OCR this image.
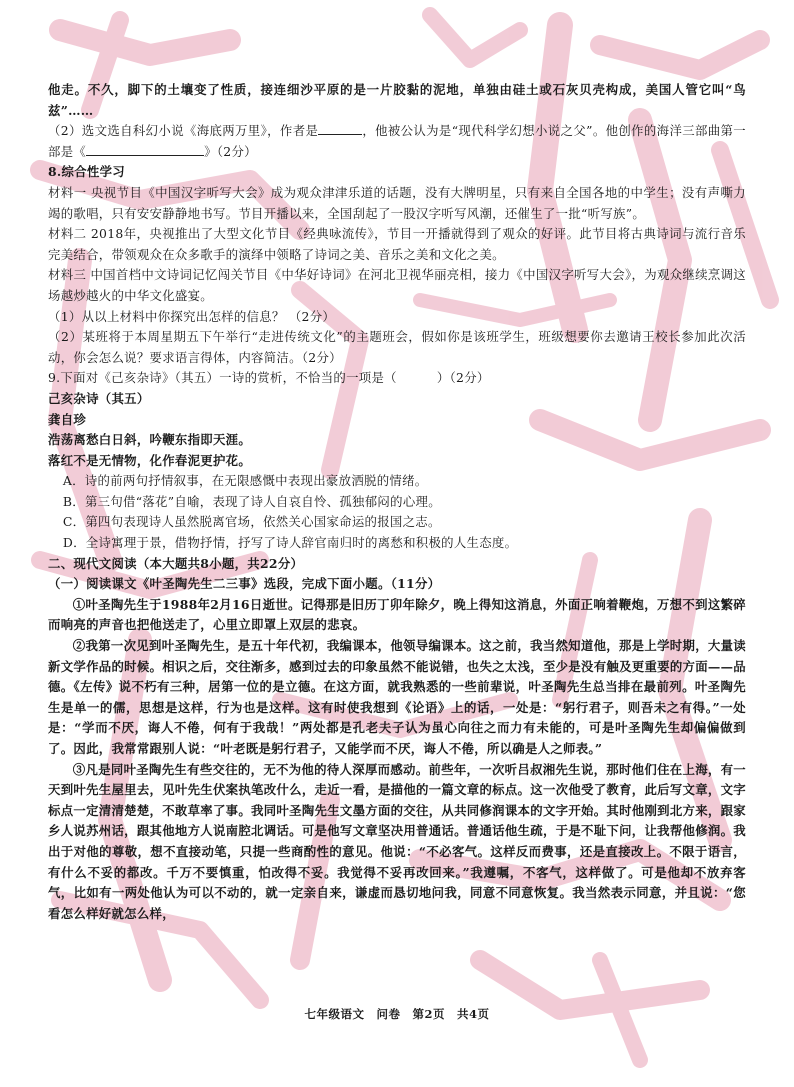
他走。不久，脚下的土壤变了性质，接连细沙平原的是一片胶黏的泥地，单独由硅土或石灰贝壳构成，美国人管它叫“鸟兹”……

（2）选文选自科幻小说《海底两万里》，作者是	，他被公认为是“现代科学幻想小说之父”。他创作的海洋三部曲第一部是《	》（2分）

8.综合性学习

材料一 央视节目《中国汉字听写大会》成为观众津津乐道的话题，没有大牌明星，只有来自全国各地的中学生；没有声嘶力竭的歌唱，只有安安静静地书写。节目开播以来，全国刮起了一股汉字听写风潮，还催生了一批“听写族”。

材料二 2018年，央视推出了大型文化节目《经典咏流传》，节目一开播就得到了观众的好评。此节目将古典诗词与流行音乐完美结合，带领观众在众多歌手的演绎中领略了诗词之美、音乐之美和文化之美。

材料三 中国首档中文诗词记忆闯关节目《中华好诗词》在河北卫视华丽亮相，接力《中国汉字听写大会》，为观众继续烹调这场越炒越火的中华文化盛宴。

（1）从以上材料中你探究出怎样的信息？ （2分）

（2）某班将于本周星期五下午举行“走进传统文化”的主题班会，假如你是该班学生，班级想要你去邀请王校长参加此次活动，你会怎么说？要求语言得体，内容简洁。（2分）

9.下面对《己亥杂诗》（其五）一诗的赏析，不恰当的一项是（	）（2分）

己亥杂诗（其五）

龚自珍

浩荡离愁白日斜，吟鞭东指即天涯。

落红不是无情物，化作春泥更护花。

A．诗的前两句抒情叙事，在无限感慨中表现出豪放洒脱的情绪。

B．第三句借“落花”自喻，表现了诗人自哀自怜、孤独郁闷的心理。

C．第四句表现诗人虽然脱离官场，依然关心国家命运的报国之志。

D．全诗寓理于景，借物抒情，抒写了诗人辞官南归时的离愁和积极的人生态度。

二、现代文阅读（本大题共8小题，共22分）

（一）阅读课文《叶圣陶先生二三事》选段，完成下面小题。（11分）

①叶圣陶先生于1988年2月16日逝世。记得那是旧历丁卯年除夕，晚上得知这消息，外面正响着鞭炮，万想不到这繁碎而响亮的声音也把他送走了，心里立即罩上双层的悲哀。

②我第一次见到叶圣陶先生，是五十年代初，我编课本，他领导编课本。这之前，我当然知道他，那是上学时期，大量读新文学作品的时候。相识之后，交往渐多，感到过去的印象虽然不能说错，也失之太浅，至少是没有触及更重要的方面——品德。《左传》说不朽有三种，居第一位的是立德。在这方面，就我熟悉的一些前辈说，叶圣陶先生总当排在最前列。叶圣陶先生是单一的儒，思想是这样，行为也是这样。这有时使我想到《论语》上的话，一处是：“躬行君子，则吾未之有得。”一处是：“学而不厌，诲人不倦，何有于我哉！”两处都是孔老夫子认为虽心向往之而力有未能的，可是叶圣陶先生却偏偏做到了。因此，我常常跟别人说：“叶老既是躬行君子，又能学而不厌，诲人不倦，所以确是人之师表。”

③凡是同叶圣陶先生有些交往的，无不为他的待人深厚而感动。前些年，一次听吕叔湘先生说，那时他们住在上海，有一天到叶先生屋里去，见叶先生伏案执笔改什么，走近一看，是描他的一篇文章的标点。这一次他受了教育，此后写文章，文字标点一定清清楚楚，不敢草率了事。我同叶圣陶先生文墨方面的交往，从共同修润课本的文字开始。其时他刚到北方来，跟家乡人说苏州话，跟其他地方人说南腔北调话。可是他写文章坚决用普通话。普通话他生疏，于是不耻下问，让我帮他修润。我出于对他的尊敬，想不直接动笔，只提一些商酌性的意见。他说：“不必客气。这样反而费事，还是直接改上。不限于语言，有什么不妥的都改。千万不要慎重，怕改得不妥。我觉得不妥再改回来。”我遵嘱，不客气，这样做了。可是他却不放弃客气，比如有一两处他认为可以不动的，就一定亲自来，谦虚而恳切地问我，同意不同意恢复。我当然表示同意，并且说：“您看怎么样好就怎么样，

七年级语文 问卷 第2页 共4页
